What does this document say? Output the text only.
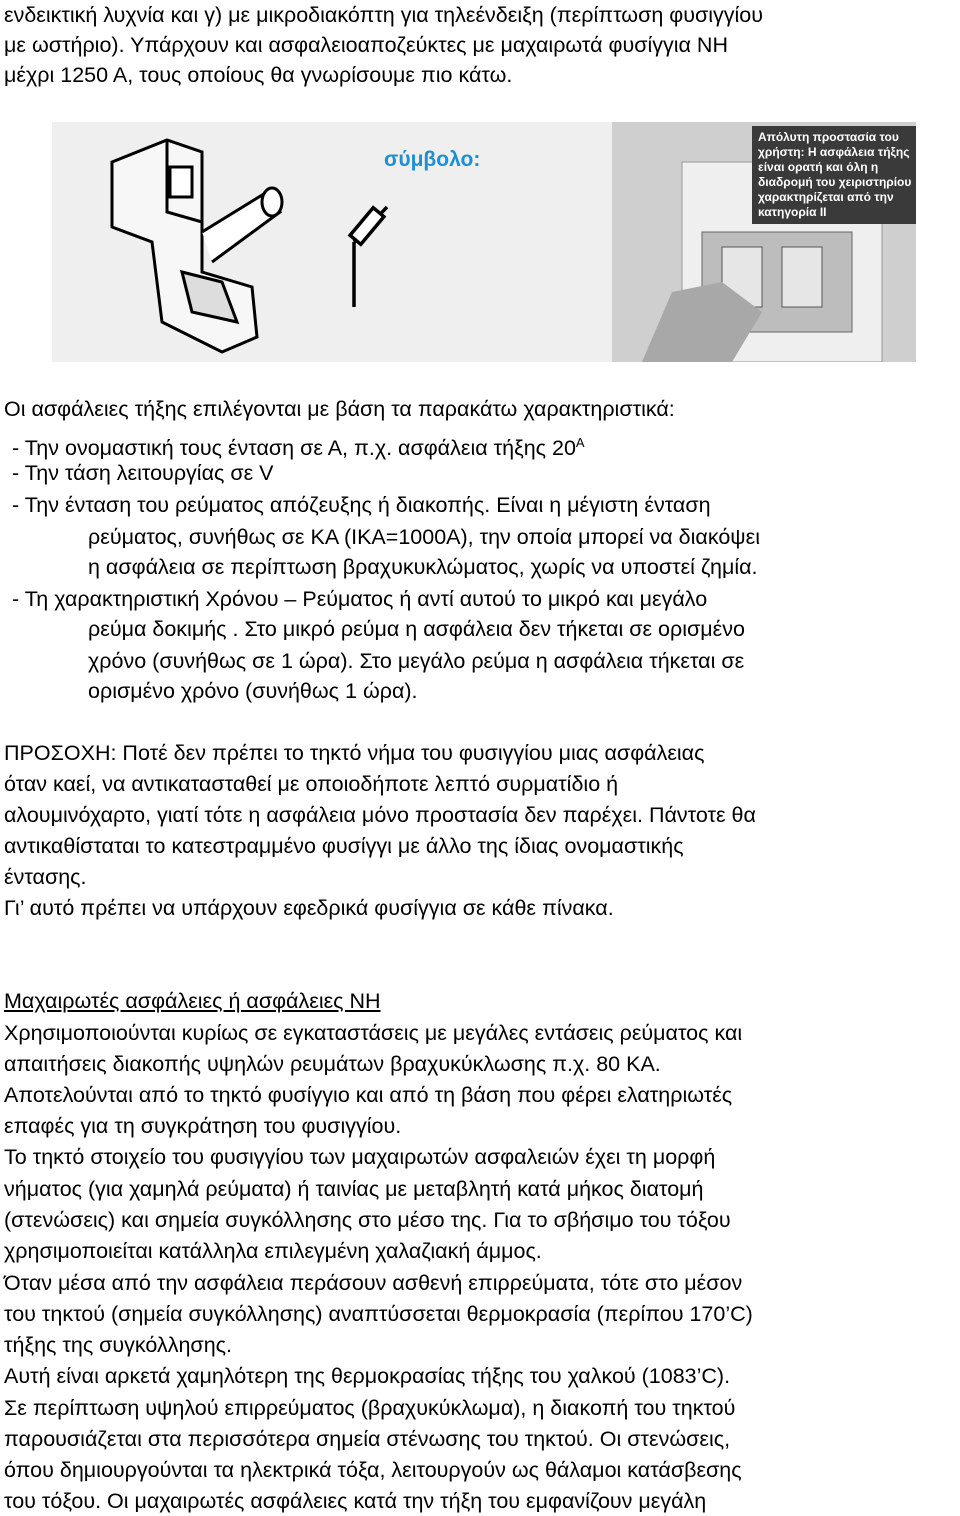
ενδεικτική λυχνία και γ) με μικροδιακόπτη για τηλεένδειξη (περίπτωση φυσιγγίου
με ωστήριο). Υπάρχουν και ασφαλειοαποζεύκτες με μαχαιρωτά φυσίγγια ΝΗ
μέχρι 1250 Α, τους οποίους θα γνωρίσουμε πιο κάτω.
σύμβολο:
Απόλυτη προστασία του χρήστη: Η ασφάλεια τήξης είναι ορατή και όλη η διαδρομή του χειριστηρίου χαρακτηρίζεται από την κατηγορία ΙΙ
Οι ασφάλειες τήξης επιλέγονται με βάση τα παρακάτω χαρακτηριστικά:
- Την ονομαστική τους ένταση σε Α, π.χ. ασφάλεια τήξης $20^A$
- Την τάση λειτουργίας σε V
- Την ένταση του ρεύματος απόζευξης ή διακοπής. Είναι η μέγιστη ένταση
ρεύματος, συνήθως σε ΚΑ (ΙΚΑ=1000Α), την οποία μπορεί να διακόψει
η ασφάλεια σε περίπτωση βραχυκυκλώματος, χωρίς να υποστεί ζημία.
- Τη χαρακτηριστική Χρόνου – Ρεύματος ή αντί αυτού το μικρό και μεγάλο
ρεύμα δοκιμής . Στο μικρό ρεύμα η ασφάλεια δεν τήκεται σε ορισμένο
χρόνο (συνήθως σε 1 ώρα). Στο μεγάλο ρεύμα η ασφάλεια τήκεται σε
ορισμένο χρόνο (συνήθως 1 ώρα).
ΠΡΟΣΟΧΗ: Ποτέ δεν πρέπει το τηκτό νήμα του φυσιγγίου μιας ασφάλειας
όταν καεί, να αντικατασταθεί με οποιοδήποτε λεπτό συρματίδιο ή
αλουμινόχαρτο, γιατί τότε η ασφάλεια μόνο προστασία δεν παρέχει. Πάντοτε θα
αντικαθίσταται το κατεστραμμένο φυσίγγι με άλλο της ίδιας ονομαστικής
έντασης.
Γι’ αυτό πρέπει να υπάρχουν εφεδρικά φυσίγγια σε κάθε πίνακα.
Μαχαιρωτές ασφάλειες ή ασφάλειες ΝΗ
Χρησιμοποιούνται κυρίως σε εγκαταστάσεις με μεγάλες εντάσεις ρεύματος και
απαιτήσεις διακοπής υψηλών ρευμάτων βραχυκύκλωσης π.χ. 80 ΚΑ.
Αποτελούνται από το τηκτό φυσίγγιο και από τη βάση που φέρει ελατηριωτές
επαφές για τη συγκράτηση του φυσιγγίου.
Το τηκτό στοιχείο του φυσιγγίου των μαχαιρωτών ασφαλειών έχει τη μορφή
νήματος (για χαμηλά ρεύματα) ή ταινίας με μεταβλητή κατά μήκος διατομή
(στενώσεις) και σημεία συγκόλλησης στο μέσο της. Για το σβήσιμο του τόξου
χρησιμοποιείται κατάλληλα επιλεγμένη χαλαζιακή άμμος.
Όταν μέσα από την ασφάλεια περάσουν ασθενή επιρρεύματα, τότε στο μέσον
του τηκτού (σημεία συγκόλλησης) αναπτύσσεται θερμοκρασία (περίπου 170’C)
τήξης της συγκόλλησης.
Αυτή είναι αρκετά χαμηλότερη της θερμοκρασίας τήξης του χαλκού (1083’C).
Σε περίπτωση υψηλού επιρρεύματος (βραχυκύκλωμα), η διακοπή του τηκτού
παρουσιάζεται στα περισσότερα σημεία στένωσης του τηκτού. Οι στενώσεις,
όπου δημιουργούνται τα ηλεκτρικά τόξα, λειτουργούν ως θάλαμοι κατάσβεσης
του τόξου. Οι μαχαιρωτές ασφάλειες κατά την τήξη του εμφανίζουν μεγάλη
